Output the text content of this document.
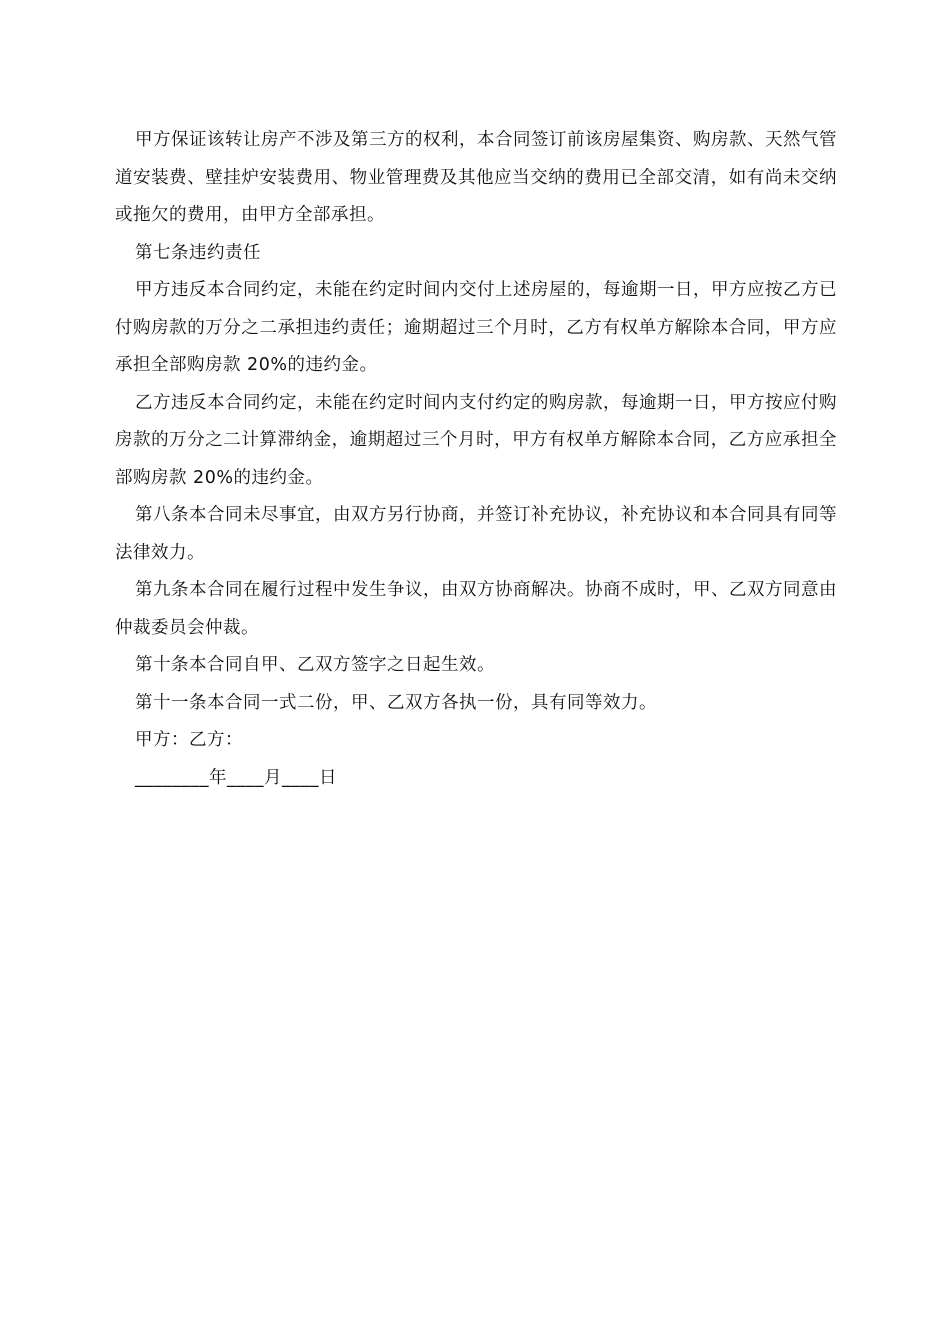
甲方保证该转让房产不涉及第三方的权利，本合同签订前该房屋集资、购房款、天然气管道安装费、壁挂炉安装费用、物业管理费及其他应当交纳的费用已全部交清，如有尚未交纳或拖欠的费用，由甲方全部承担。

第七条违约责任

甲方违反本合同约定，未能在约定时间内交付上述房屋的，每逾期一日，甲方应按乙方已付购房款的万分之二承担违约责任；逾期超过三个月时，乙方有权单方解除本合同，甲方应承担全部购房款 20%的违约金。

乙方违反本合同约定，未能在约定时间内支付约定的购房款，每逾期一日，甲方按应付购房款的万分之二计算滞纳金，逾期超过三个月时，甲方有权单方解除本合同，乙方应承担全部购房款 20%的违约金。

第八条本合同未尽事宜，由双方另行协商，并签订补充协议，补充协议和本合同具有同等法律效力。

第九条本合同在履行过程中发生争议，由双方协商解决。协商不成时，甲、乙双方同意由仲裁委员会仲裁。

第十条本合同自甲、乙双方签字之日起生效。

第十一条本合同一式二份，甲、乙双方各执一份，具有同等效力。

甲方：乙方：

________年____月____日
